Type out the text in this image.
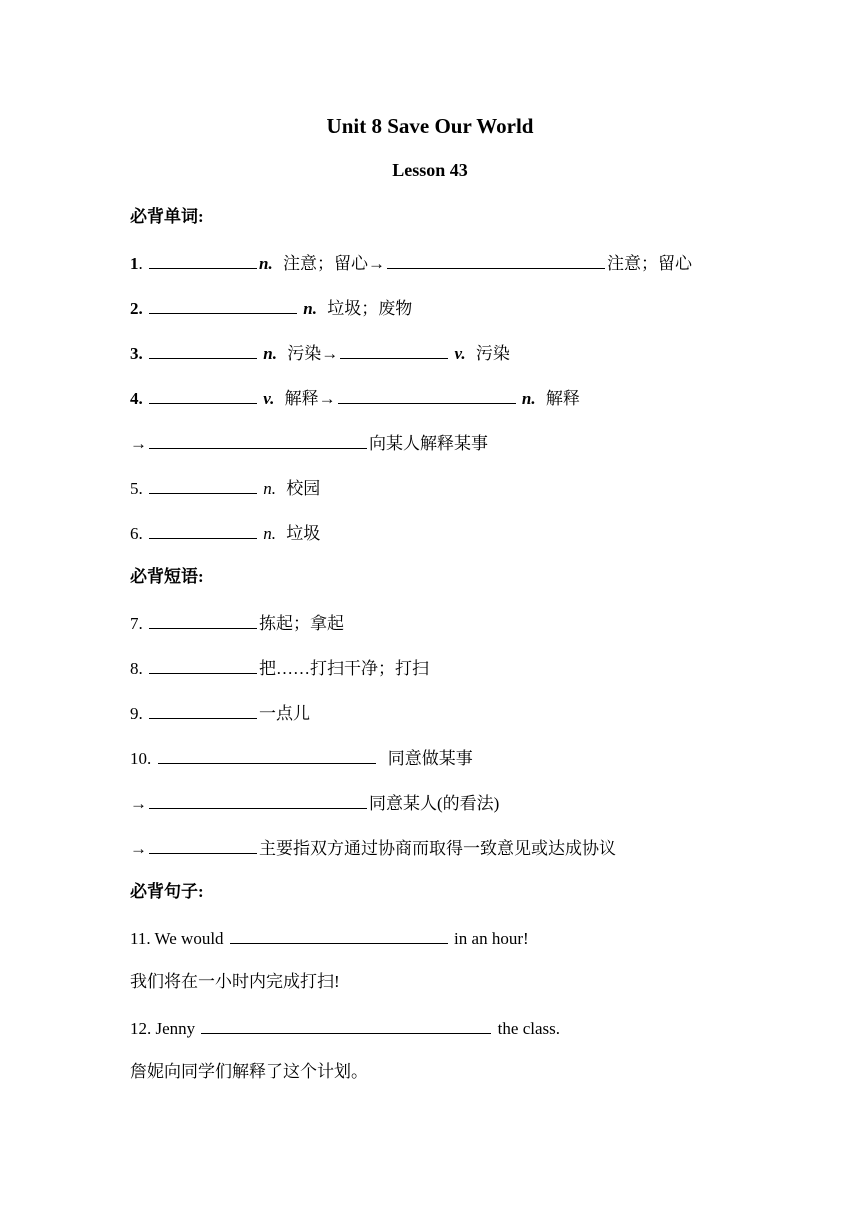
Unit 8 Save Our World
Lesson 43
必背单词:
1.	n. 注意；留心→	注意；留心
2.	n. 垃圾；废物
3.	n. 污染→	v. 污染
4.	v. 解释→	n. 解释
→	向某人解释某事
5.	n. 校园
6.	n. 垃圾
必背短语:
7.	拣起；拿起
8.	把……打扫干净；打扫
9.	一点儿
10.	同意做某事
→	同意某人(的看法)
→	主要指双方通过协商而取得一致意见或达成协议
必背句子:
11. We would	in an hour!
我们将在一小时内完成打扫!
12. Jenny	the class.
詹妮向同学们解释了这个计划。
